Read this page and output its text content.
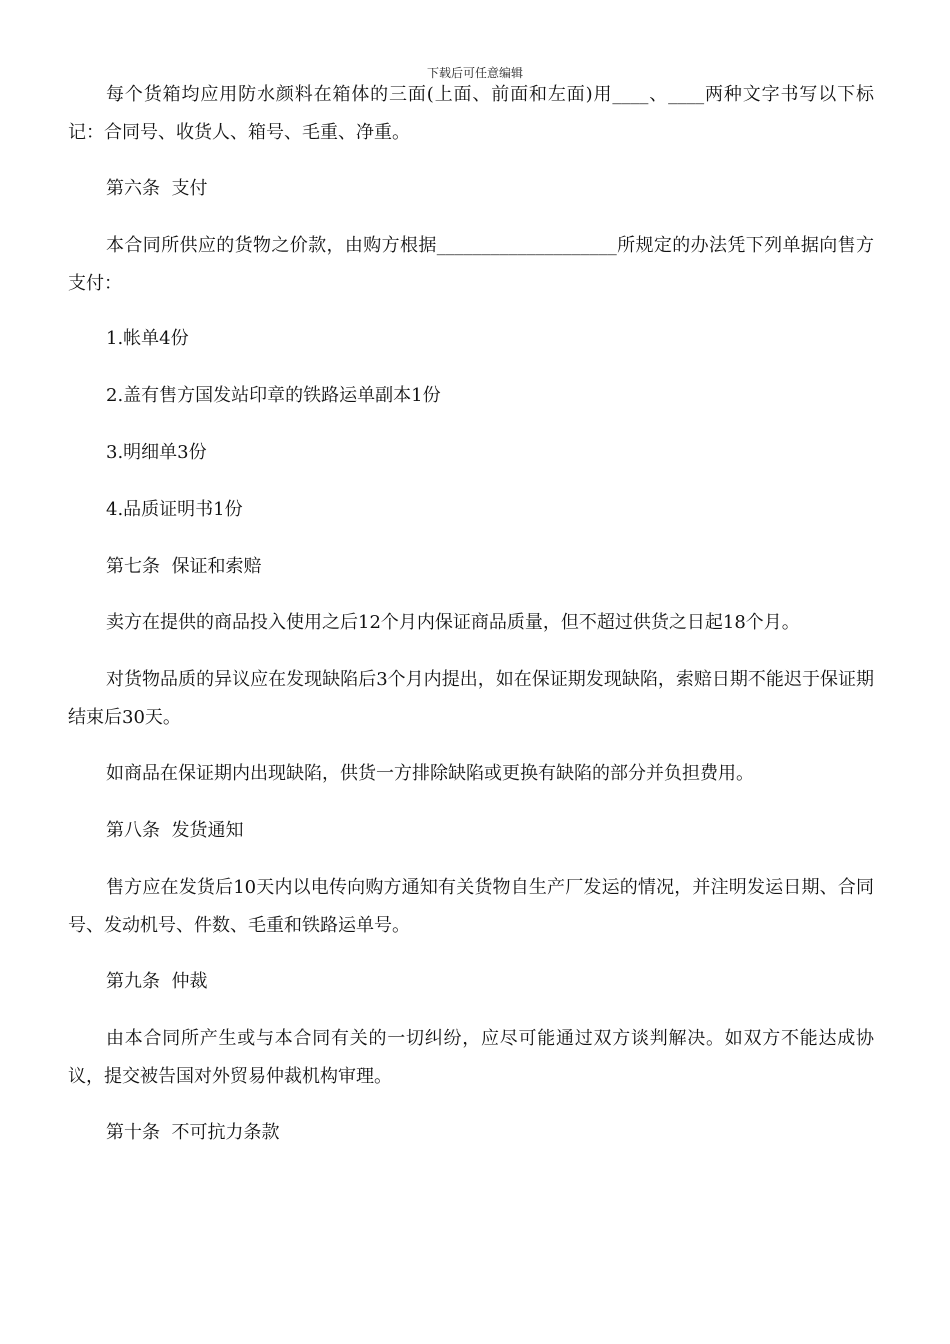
下载后可任意编辑

每个货箱均应用防水颜料在箱体的三面(上面、前面和左面)用____、____两种文字书写以下标记：合同号、收货人、箱号、毛重、净重。

第六条  支付

本合同所供应的货物之价款，由购方根据____________________所规定的办法凭下列单据向售方支付：

1.帐单4份

2.盖有售方国发站印章的铁路运单副本1份

3.明细单3份

4.品质证明书1份

第七条  保证和索赔

卖方在提供的商品投入使用之后12个月内保证商品质量，但不超过供货之日起18个月。

对货物品质的异议应在发现缺陷后3个月内提出，如在保证期发现缺陷，索赔日期不能迟于保证期结束后30天。

如商品在保证期内出现缺陷，供货一方排除缺陷或更换有缺陷的部分并负担费用。

第八条  发货通知

售方应在发货后10天内以电传向购方通知有关货物自生产厂发运的情况，并注明发运日期、合同号、发动机号、件数、毛重和铁路运单号。

第九条  仲裁

由本合同所产生或与本合同有关的一切纠纷，应尽可能通过双方谈判解决。如双方不能达成协议，提交被告国对外贸易仲裁机构审理。

第十条  不可抗力条款
